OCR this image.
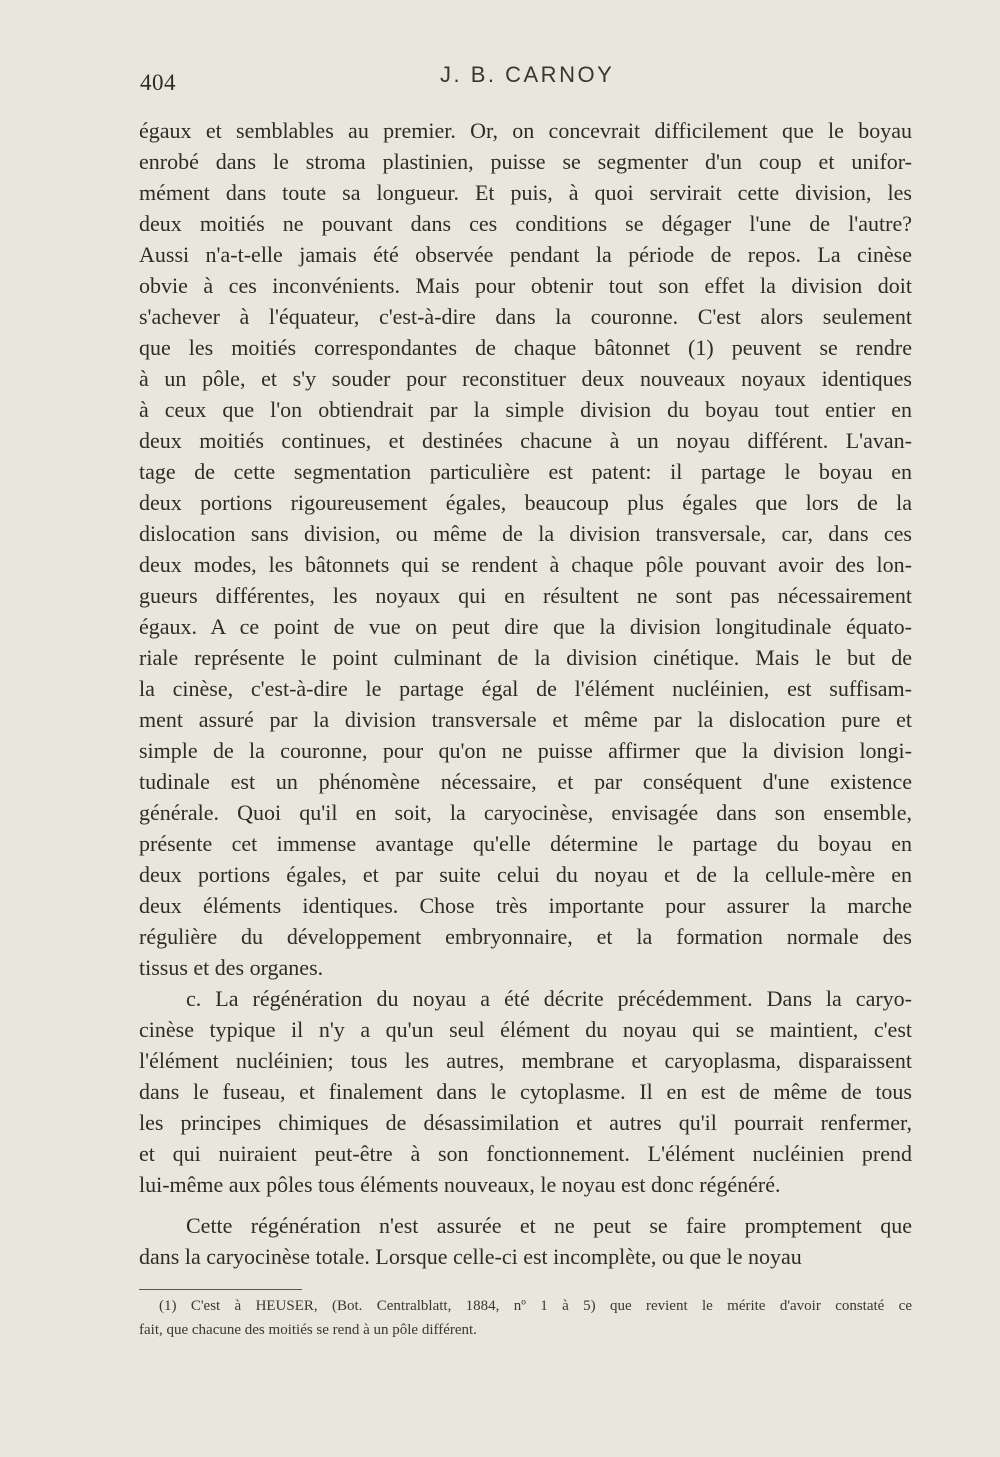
404	J. B. CARNOY
égaux et semblables au premier. Or, on concevrait difficilement que le boyau
enrobé dans le stroma plastinien, puisse se segmenter d'un coup et unifor-
mément dans toute sa longueur. Et puis, à quoi servirait cette division, les
deux moitiés ne pouvant dans ces conditions se dégager l'une de l'autre?
Aussi n'a-t-elle jamais été observée pendant la période de repos. La cinèse
obvie à ces inconvénients. Mais pour obtenir tout son effet la division doit
s'achever à l'équateur, c'est-à-dire dans la couronne. C'est alors seulement
que les moitiés correspondantes de chaque bâtonnet (1) peuvent se rendre
à un pôle, et s'y souder pour reconstituer deux nouveaux noyaux identiques
à ceux que l'on obtiendrait par la simple division du boyau tout entier en
deux moitiés continues, et destinées chacune à un noyau différent. L'avan-
tage de cette segmentation particulière est patent: il partage le boyau en
deux portions rigoureusement égales, beaucoup plus égales que lors de la
dislocation sans division, ou même de la division transversale, car, dans ces
deux modes, les bâtonnets qui se rendent à chaque pôle pouvant avoir des lon-
gueurs différentes, les noyaux qui en résultent ne sont pas nécessairement
égaux. A ce point de vue on peut dire que la division longitudinale équato-
riale représente le point culminant de la division cinétique. Mais le but de
la cinèse, c'est-à-dire le partage égal de l'élément nucléinien, est suffisam-
ment assuré par la division transversale et même par la dislocation pure et
simple de la couronne, pour qu'on ne puisse affirmer que la division longi-
tudinale est un phénomène nécessaire, et par conséquent d'une existence
générale. Quoi qu'il en soit, la caryocinèse, envisagée dans son ensemble,
présente cet immense avantage qu'elle détermine le partage du boyau en
deux portions égales, et par suite celui du noyau et de la cellule-mère en
deux éléments identiques. Chose très importante pour assurer la marche
régulière du développement embryonnaire, et la formation normale des
tissus et des organes.
c. La régénération du noyau a été décrite précédemment. Dans la caryo-
cinèse typique il n'y a qu'un seul élément du noyau qui se maintient, c'est
l'élément nucléinien; tous les autres, membrane et caryoplasma, disparaissent
dans le fuseau, et finalement dans le cytoplasme. Il en est de même de tous
les principes chimiques de désassimilation et autres qu'il pourrait renfermer,
et qui nuiraient peut-être à son fonctionnement. L'élément nucléinien prend
lui-même aux pôles tous éléments nouveaux, le noyau est donc régénéré.
Cette régénération n'est assurée et ne peut se faire promptement que
dans la caryocinèse totale. Lorsque celle-ci est incomplète, ou que le noyau
(1) C'est à HEUSER, (Bot. Centralblatt, 1884, nº 1 à 5) que revient le mérite d'avoir constaté ce
fait, que chacune des moitiés se rend à un pôle différent.
